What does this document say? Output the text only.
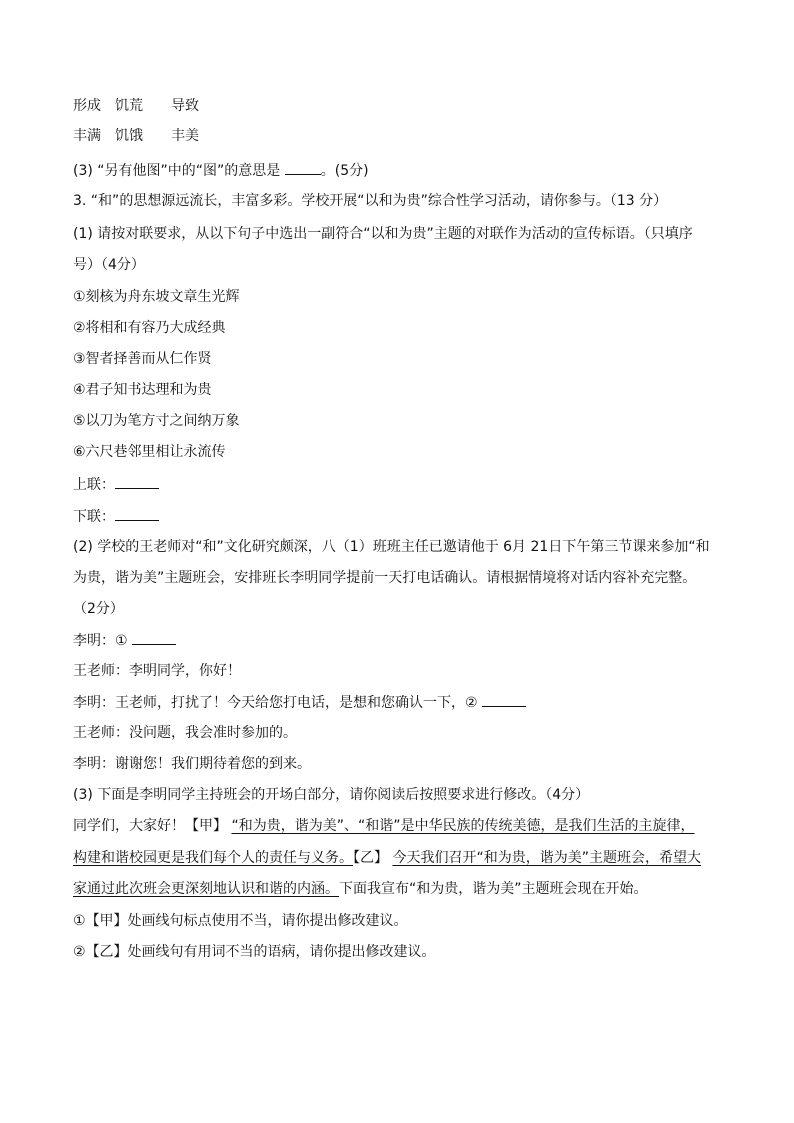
形成 饥荒 导致
丰满 饥饿 丰美
(3) “另有他图”中的“图”的意思是	。(5分)
3. “和”的思想源远流长，丰富多彩。学校开展“以和为贵”综合性学习活动，请你参与。（13 分）
(1) 请按对联要求，从以下句子中选出一副符合“以和为贵”主题的对联作为活动的宣传标语。（只填序
号）（4分）
①刻核为舟东坡文章生光辉
②将相和有容乃大成经典
③智者择善而从仁作贤
④君子知书达理和为贵
⑤以刀为笔方寸之间纳万象
⑥六尺巷邻里相让永流传
上联：
下联：
(2) 学校的王老师对“和”文化研究颇深，八（1）班班主任已邀请他于 6月 21日下午第三节课来参加“和
为贵，谐为美”主题班会，安排班长李明同学提前一天打电话确认。请根据情境将对话内容补充完整。
（2分）
李明：①
王老师：李明同学，你好！
李明：王老师，打扰了！今天给您打电话，是想和您确认一下，②
王老师：没问题，我会准时参加的。
李明：谢谢您！我们期待着您的到来。
(3) 下面是李明同学主持班会的开场白部分，请你阅读后按照要求进行修改。（4分）
同学们，大家好！【甲】 “和为贵，谐为美”、“和谐”是中华民族的传统美德，是我们生活的主旋律，
构建和谐校园更是我们每个人的责任与义务。【乙】 今天我们召开“和为贵，谐为美”主题班会，希望大
家通过此次班会更深刻地认识和谐的内涵。下面我宣布“和为贵，谐为美”主题班会现在开始。
①【甲】处画线句标点使用不当，请你提出修改建议。
②【乙】处画线句有用词不当的语病，请你提出修改建议。
